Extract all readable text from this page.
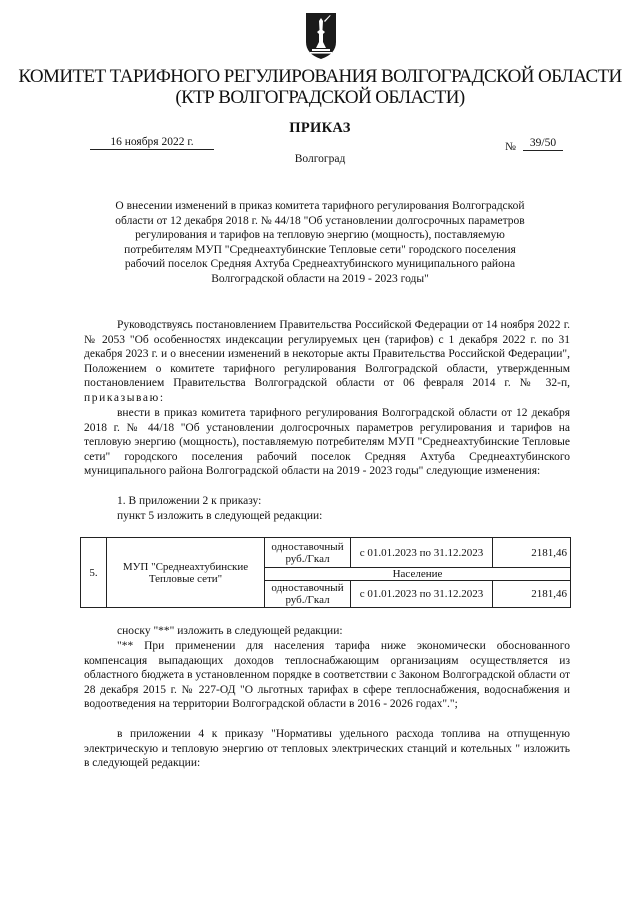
КОМИТЕТ ТАРИФНОГО РЕГУЛИРОВАНИЯ ВОЛГОГРАДСКОЙ ОБЛАСТИ
(КТР ВОЛГОГРАДСКОЙ ОБЛАСТИ)
ПРИКАЗ
16 ноября 2022 г.	№	39/50
Волгоград
О внесении изменений в приказ комитета тарифного регулирования Волгоградской
области от 12 декабря 2018 г. № 44/18 "Об установлении долгосрочных параметров
регулирования и тарифов на тепловую энергию (мощность), поставляемую
потребителям МУП "Среднеахтубинские Тепловые сети" городского поселения
рабочий поселок Средняя Ахтуба Среднеахтубинского муниципального района
Волгоградской области на 2019 - 2023 годы"
Руководствуясь постановлением Правительства Российской Федерации от 14 ноября 2022 г. № 2053 "Об особенностях индексации регулируемых цен (тарифов) с 1 декабря 2022 г. по 31 декабря 2023 г. и о внесении изменений в некоторые акты Правительства Российской Федерации", Положением о комитете тарифного регулирования Волгоградской области, утвержденным постановлением Правительства Волгоградской области от 06 февраля 2014 г. № 32-п, приказываю:
внести в приказ комитета тарифного регулирования Волгоградской области от 12 декабря 2018 г. № 44/18 "Об установлении долгосрочных параметров регулирования и тарифов на тепловую энергию (мощность), поставляемую потребителям МУП "Среднеахтубинские Тепловые сети" городского поселения рабочий поселок Средняя Ахтуба Среднеахтубинского муниципального района Волгоградской области на 2019 - 2023 годы" следующие изменения:
1. В приложении 2 к приказу:
пункт 5 изложить в следующей редакции:
5.	МУП "Среднеахтубинские Тепловые сети"	одноставочный руб./Гкал	с 01.01.2023 по 31.12.2023	2181,46
		Население		
		одноставочный руб./Гкал	с 01.01.2023 по 31.12.2023	2181,46
сноску "**" изложить в следующей редакции:
"** При применении для населения тарифа ниже экономически обоснованного компенсация выпадающих доходов теплоснабжающим организациям осуществляется из областного бюджета в установленном порядке в соответствии с Законом Волгоградской области от 28 декабря 2015 г. № 227-ОД "О льготных тарифах в сфере теплоснабжения, водоснабжения и водоотведения на территории Волгоградской области в 2016 - 2026 годах".";
в приложении 4 к приказу "Нормативы удельного расхода топлива на отпущенную электрическую и тепловую энергию от тепловых электрических станций и котельных " изложить в следующей редакции:
